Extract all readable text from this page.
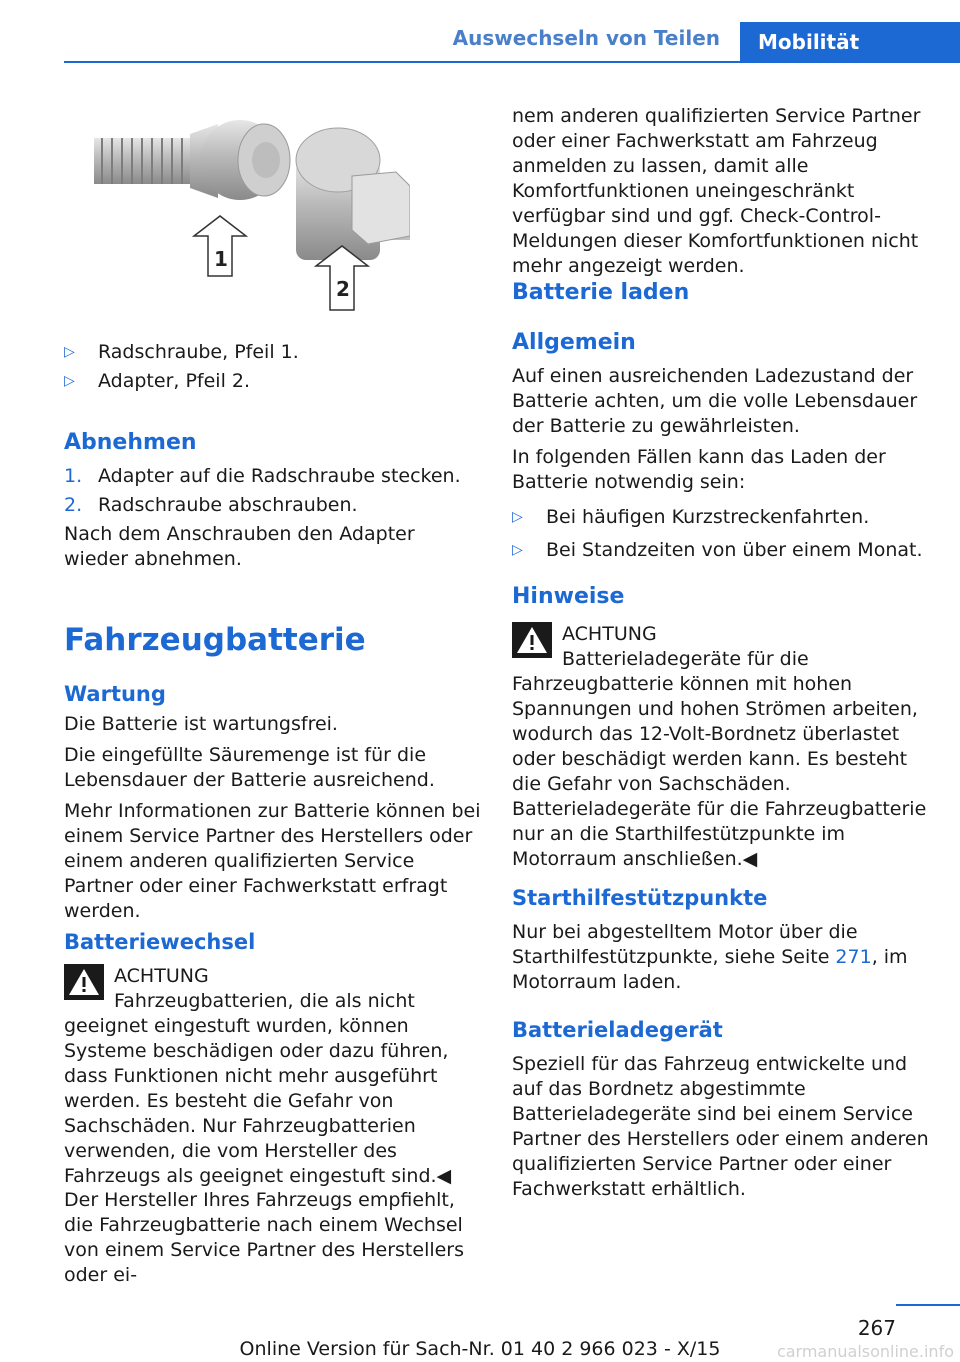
Auswechseln von Teilen Mobilität
1
2
▷	Radschraube, Pfeil 1.
▷	Adapter, Pfeil 2.
Abnehmen
1. Adapter auf die Radschraube stecken.
2. Radschraube abschrauben.

Nach dem Anschrauben den Adapter wieder abnehmen.

Fahrzeugbatterie
Wartung

Die Batterie ist wartungsfrei.

Die eingefüllte Säuremenge ist für die Lebensdauer der Batterie ausreichend.

Mehr Informationen zur Batterie können bei einem Service Partner des Herstellers oder einem anderen qualifizierten Service Partner oder einer Fachwerkstatt erfragt werden.

Batteriewechsel
ACHTUNG

Fahrzeugbatterien, die als nicht geeignet eingestuft wurden, können Systeme beschädigen oder dazu führen, dass Funktionen nicht mehr ausgeführt werden. Es besteht die Gefahr von Sachschäden. Nur Fahrzeugbatterien verwenden, die vom Hersteller des Fahrzeugs als geeignet eingestuft sind.◀

Der Hersteller Ihres Fahrzeugs empfiehlt, die Fahrzeugbatterie nach einem Wechsel von einem Service Partner des Herstellers oder ei-

nem anderen qualifizierten Service Partner oder einer Fachwerkstatt am Fahrzeug anmelden zu lassen, damit alle Komfortfunktionen uneingeschränkt verfügbar sind und ggf. Check-Control-Meldungen dieser Komfortfunktionen nicht mehr angezeigt werden.

Batterie laden
Allgemein

Auf einen ausreichenden Ladezustand der Batterie achten, um die volle Lebensdauer der Batterie zu gewährleisten.

In folgenden Fällen kann das Laden der Batterie notwendig sein:

▷	Bei häufigen Kurzstreckenfahrten.
▷	Bei Standzeiten von über einem Monat.
Hinweise
ACHTUNG

Batterieladegeräte für die Fahrzeugbatterie können mit hohen Spannungen und hohen Strömen arbeiten, wodurch das 12-Volt-Bordnetz überlastet oder beschädigt werden kann. Es besteht die Gefahr von Sachschäden. Batterieladegeräte für die Fahrzeugbatterie nur an die Starthilfestützpunkte im Motorraum anschließen.◀

Starthilfestützpunkte

Nur bei abgestelltem Motor über die Starthilfestützpunkte, siehe Seite 271, im Motorraum laden.

Batterieladegerät

Speziell für das Fahrzeug entwickelte und auf das Bordnetz abgestimmte Batterieladegeräte sind bei einem Service Partner des Herstellers oder einem anderen qualifizierten Service Partner oder einer Fachwerkstatt erhältlich.

267
Online Version für Sach-Nr. 01 40 2 966 023 - X/15	carmanualsonline.info
